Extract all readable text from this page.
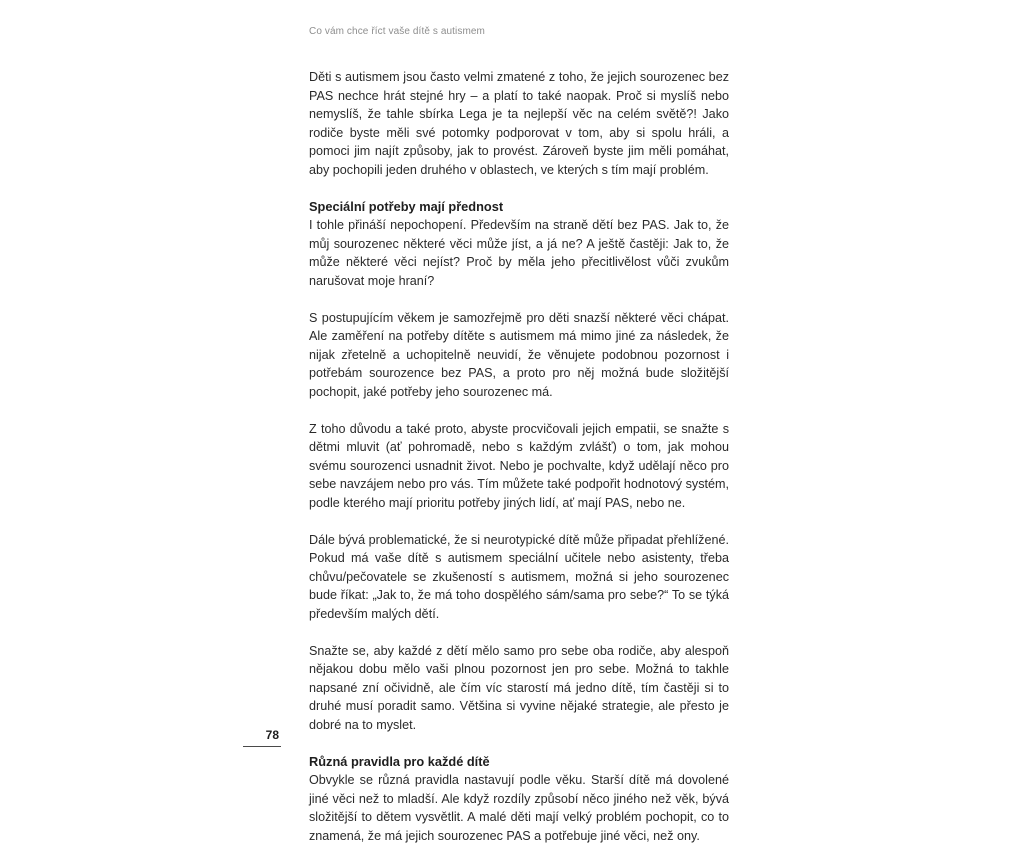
Co vám chce říct vaše dítě s autismem

Děti s autismem jsou často velmi zmatené z toho, že jejich sourozenec bez PAS nechce hrát stejné hry – a platí to také naopak. Proč si myslíš nebo nemyslíš, že tahle sbírka Lega je ta nejlepší věc na celém světě?! Jako rodiče byste měli své potomky podporovat v tom, aby si spolu hráli, a pomoci jim najít způsoby, jak to provést. Zároveň byste jim měli pomáhat, aby pochopili jeden druhého v oblastech, ve kterých s tím mají problém.

Speciální potřeby mají přednost

I tohle přináší nepochopení. Především na straně dětí bez PAS. Jak to, že můj sourozenec některé věci může jíst, a já ne? A ještě častěji: Jak to, že může některé věci nejíst? Proč by měla jeho přecitlivělost vůči zvukům narušovat moje hraní?

S postupujícím věkem je samozřejmě pro děti snazší některé věci chápat. Ale zaměření na potřeby dítěte s autismem má mimo jiné za následek, že nijak zřetelně a uchopitelně neuvidí, že věnujete podobnou pozornost i potřebám sourozence bez PAS, a proto pro něj možná bude složitější pochopit, jaké potřeby jeho sourozenec má.

Z toho důvodu a také proto, abyste procvičovali jejich empatii, se snažte s dětmi mluvit (ať pohromadě, nebo s každým zvlášť) o tom, jak mohou svému sourozenci usnadnit život. Nebo je pochvalte, když udělají něco pro sebe navzájem nebo pro vás. Tím můžete také podpořit hodnotový systém, podle kterého mají prioritu potřeby jiných lidí, ať mají PAS, nebo ne.

Dále bývá problematické, že si neurotypické dítě může připadat přehlížené. Pokud má vaše dítě s autismem speciální učitele nebo asistenty, třeba chůvu/pečovatele se zkušeností s autismem, možná si jeho sourozenec bude říkat: „Jak to, že má toho dospělého sám/sama pro sebe?“ To se týká především malých dětí.

Snažte se, aby každé z dětí mělo samo pro sebe oba rodiče, aby alespoň nějakou dobu mělo vaši plnou pozornost jen pro sebe. Možná to takhle napsané zní očividně, ale čím víc starostí má jedno dítě, tím častěji si to druhé musí poradit samo. Většina si vyvine nějaké strategie, ale přesto je dobré na to myslet.

Různá pravidla pro každé dítě

Obvykle se různá pravidla nastavují podle věku. Starší dítě má dovolené jiné věci než to mladší. Ale když rozdíly způsobí něco jiného než věk, bývá složitější to dětem vysvětlit. A malé děti mají velký problém pochopit, co to znamená, že má jejich sourozenec PAS a potřebuje jiné věci, než ony.

78
